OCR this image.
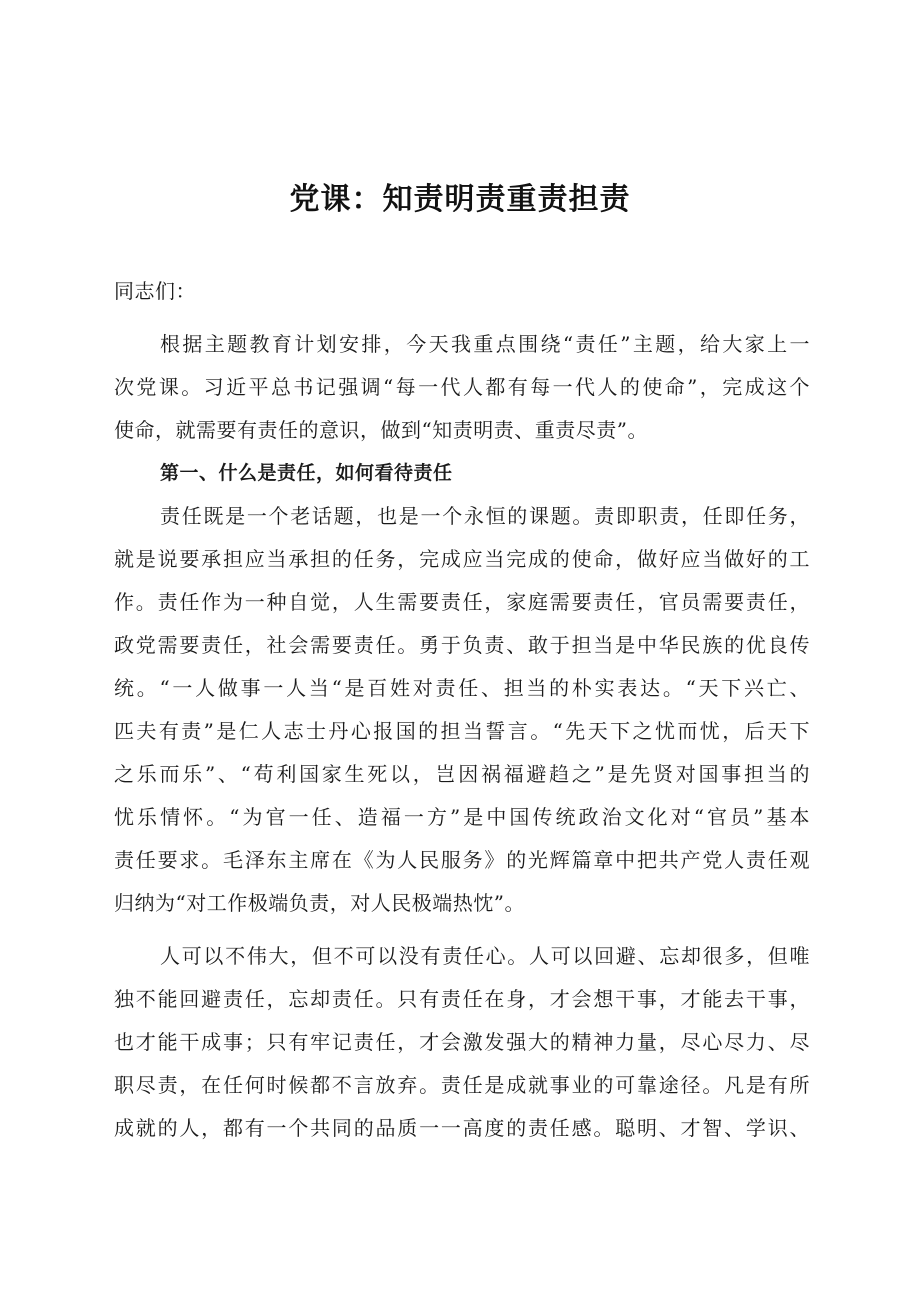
党课：知责明责重责担责
同志们：
根据主题教育计划安排，今天我重点围绕“责任”主题，给大家上一
次党课。习近平总书记强调“每一代人都有每一代人的使命”，完成这个
使命，就需要有责任的意识，做到“知责明责、重责尽责”。
第一、什么是责任，如何看待责任
责任既是一个老话题，也是一个永恒的课题。责即职责，任即任务，
就是说要承担应当承担的任务，完成应当完成的使命，做好应当做好的工
作。责任作为一种自觉，人生需要责任，家庭需要责任，官员需要责任，
政党需要责任，社会需要责任。勇于负责、敢于担当是中华民族的优良传
统。“一人做事一人当“是百姓对责任、担当的朴实表达。“天下兴亡、
匹夫有责”是仁人志士丹心报国的担当誓言。“先天下之忧而忧，后天下
之乐而乐”、“苟利国家生死以，岂因祸福避趋之”是先贤对国事担当的
忧乐情怀。“为官一任、造福一方”是中国传统政治文化对“官员”基本
责任要求。毛泽东主席在《为人民服务》的光辉篇章中把共产党人责任观
归纳为“对工作极端负责，对人民极端热忱”。
人可以不伟大，但不可以没有责任心。人可以回避、忘却很多，但唯
独不能回避责任，忘却责任。只有责任在身，才会想干事，才能去干事，
也才能干成事；只有牢记责任，才会激发强大的精神力量，尽心尽力、尽
职尽责，在任何时候都不言放弃。责任是成就事业的可靠途径。凡是有所
成就的人，都有一个共同的品质一一高度的责任感。聪明、才智、学识、
